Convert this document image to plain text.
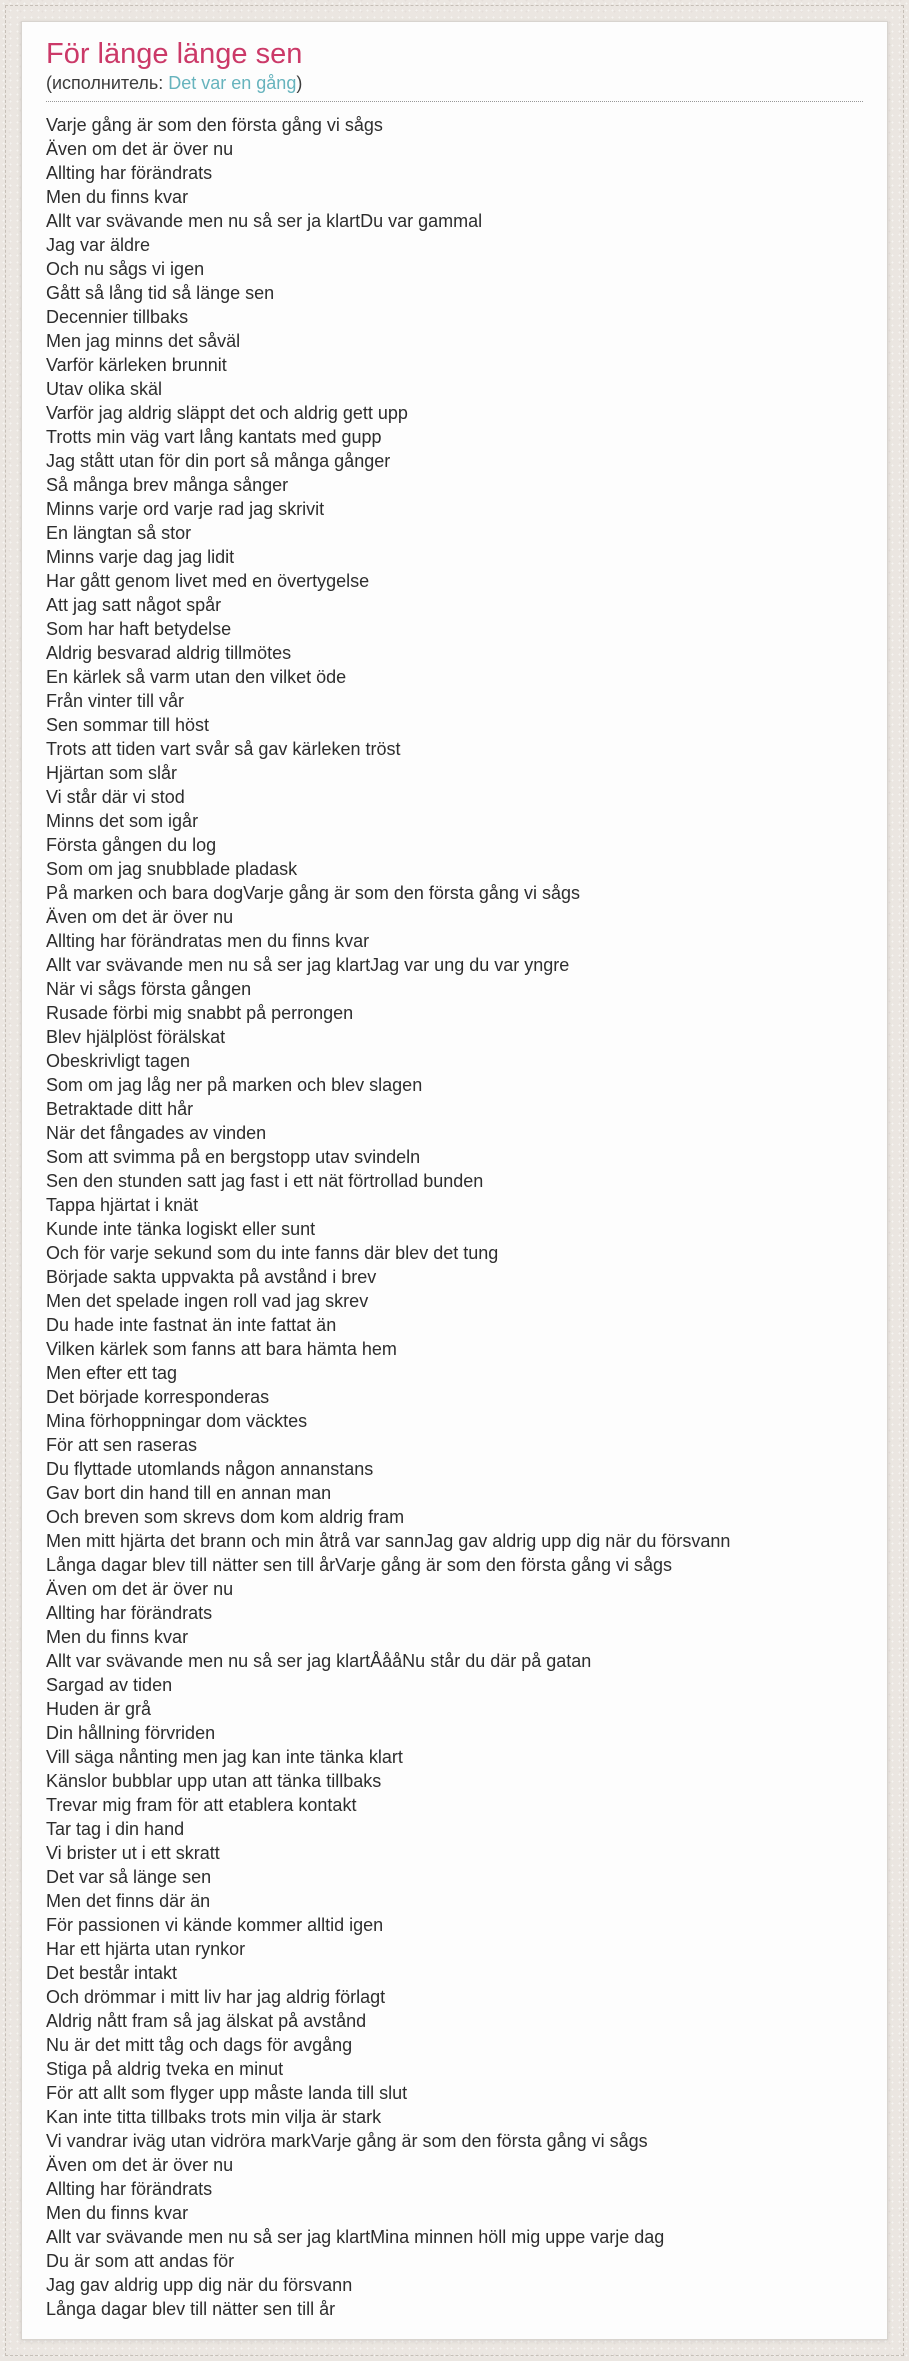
För länge länge sen
(исполнитель: Det var en gång)
Varje gång är som den första gång vi sågs
Även om det är över nu
Allting har förändrats
Men du finns kvar
Allt var svävande men nu så ser ja klartDu var gammal
Jag var äldre
Och nu sågs vi igen
Gått så lång tid så länge sen
Decennier tillbaks
Men jag minns det såväl
Varför kärleken brunnit
Utav olika skäl
Varför jag aldrig släppt det och aldrig gett upp
Trotts min väg vart lång kantats med gupp
Jag stått utan för din port så många gånger
Så många brev många sånger
Minns varje ord varje rad jag skrivit
En längtan så stor
Minns varje dag jag lidit
Har gått genom livet med en övertygelse
Att jag satt något spår
Som har haft betydelse
Aldrig besvarad aldrig tillmötes
En kärlek så varm utan den vilket öde
Från vinter till vår
Sen sommar till höst
Trots att tiden vart svår så gav kärleken tröst
Hjärtan som slår
Vi står där vi stod
Minns det som igår
Första gången du log
Som om jag snubblade pladask
På marken och bara dogVarje gång är som den första gång vi sågs
Även om det är över nu
Allting har förändratas men du finns kvar
Allt var svävande men nu så ser jag klartJag var ung du var yngre
När vi sågs första gången
Rusade förbi mig snabbt på perrongen
Blev hjälplöst förälskat
Obeskrivligt tagen
Som om jag låg ner på marken och blev slagen
Betraktade ditt hår
När det fångades av vinden
Som att svimma på en bergstopp utav svindeln
Sen den stunden satt jag fast i ett nät förtrollad bunden
Tappa hjärtat i knät
Kunde inte tänka logiskt eller sunt
Och för varje sekund som du inte fanns där blev det tung
Började sakta uppvakta på avstånd i brev
Men det spelade ingen roll vad jag skrev
Du hade inte fastnat än inte fattat än
Vilken kärlek som fanns att bara hämta hem
Men efter ett tag
Det började korresponderas
Mina förhoppningar dom väcktes
För att sen raseras
Du flyttade utomlands någon annanstans
Gav bort din hand till en annan man
Och breven som skrevs dom kom aldrig fram
Men mitt hjärta det brann och min åtrå var sannJag gav aldrig upp dig när du försvann
Långa dagar blev till nätter sen till årVarje gång är som den första gång vi sågs
Även om det är över nu
Allting har förändrats
Men du finns kvar
Allt var svävande men nu så ser jag klartÅååNu står du där på gatan
Sargad av tiden
Huden är grå
Din hållning förvriden
Vill säga nånting men jag kan inte tänka klart
Känslor bubblar upp utan att tänka tillbaks
Trevar mig fram för att etablera kontakt
Tar tag i din hand
Vi brister ut i ett skratt
Det var så länge sen
Men det finns där än
För passionen vi kände kommer alltid igen
Har ett hjärta utan rynkor
Det består intakt
Och drömmar i mitt liv har jag aldrig förlagt
Aldrig nått fram så jag älskat på avstånd
Nu är det mitt tåg och dags för avgång
Stiga på aldrig tveka en minut
För att allt som flyger upp måste landa till slut
Kan inte titta tillbaks trots min vilja är stark
Vi vandrar iväg utan vidröra markVarje gång är som den första gång vi sågs
Även om det är över nu
Allting har förändrats
Men du finns kvar
Allt var svävande men nu så ser jag klartMina minnen höll mig uppe varje dag
Du är som att andas för
Jag gav aldrig upp dig när du försvann
Långa dagar blev till nätter sen till år
